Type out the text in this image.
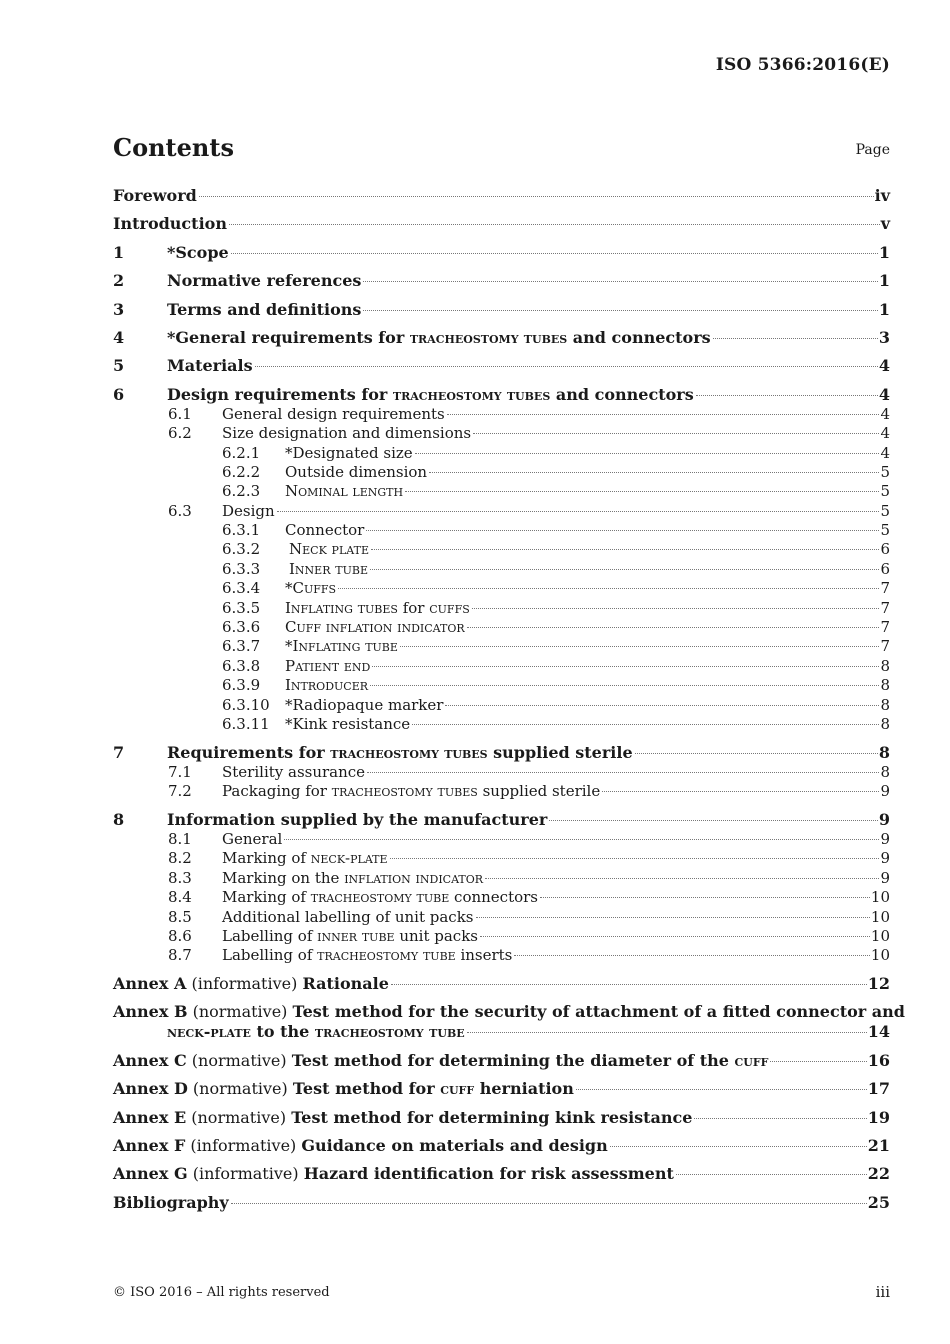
ISO 5366:2016(E)
Contents	Page
Foreword	iv
Introduction	v
1	*Scope	1
2	Normative references	1
3	Terms and definitions	1
4	*General requirements for tracheostomy tubes and connectors	3
5	Materials	4
6	Design requirements for tracheostomy tubes and connectors	4
6.1 General design requirements	4
6.2 Size designation and dimensions	4
6.2.1 *Designated size	4
6.2.2 Outside dimension	5
6.2.3 Nominal length	5
6.3 Design	5
6.3.1 Connector	5
6.3.2 Neck plate	6
6.3.3 Inner tube	6
6.3.4 *Cuffs	7
6.3.5 Inflating tubes for cuffs	7
6.3.6 Cuff inflation indicator	7
6.3.7 *Inflating tube	7
6.3.8 Patient end	8
6.3.9 Introducer	8
6.3.10 *Radiopaque marker	8
6.3.11 *Kink resistance	8
7	Requirements for tracheostomy tubes supplied sterile	8
7.1 Sterility assurance	8
7.2 Packaging for tracheostomy tubes supplied sterile	9
8	Information supplied by the manufacturer	9
8.1 General	9
8.2 Marking of neck-plate	9
8.3 Marking on the inflation indicator	9
8.4 Marking of tracheostomy tube connectors	10
8.5 Additional labelling of unit packs	10
8.6 Labelling of inner tube unit packs	10
8.7 Labelling of tracheostomy tube inserts	10
Annex A (informative) Rationale	12
Annex B (normative) Test method for the security of attachment of a fitted connector and
neck-plate to the tracheostomy tube	14
Annex C (normative) Test method for determining the diameter of the cuff	16
Annex D (normative) Test method for cuff herniation	17
Annex E (normative) Test method for determining kink resistance	19
Annex F (informative) Guidance on materials and design	21
Annex G (informative) Hazard identification for risk assessment	22
Bibliography	25
© ISO 2016 – All rights reserved	iii
